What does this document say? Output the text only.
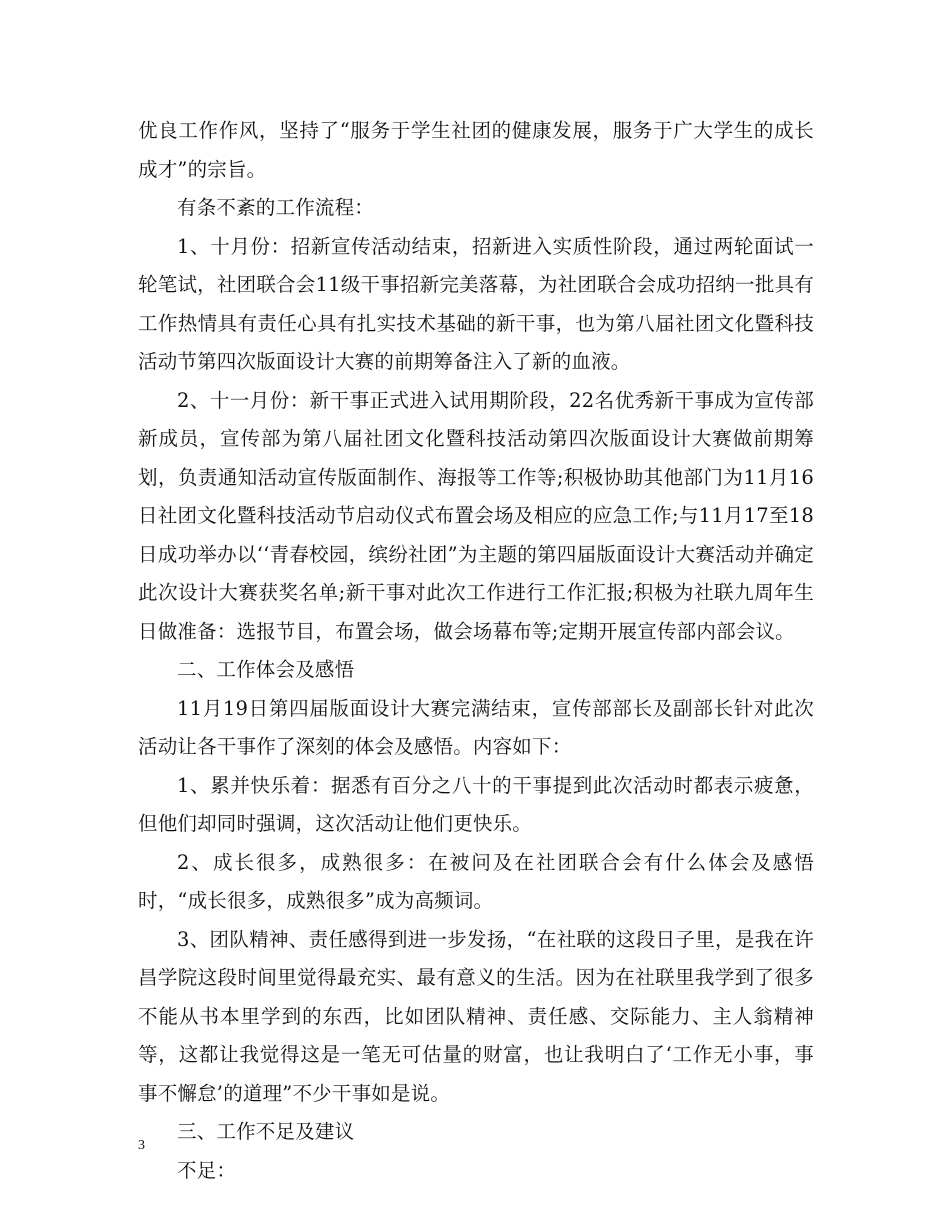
优良工作作风，坚持了“服务于学生社团的健康发展，服务于广大学生的成长成才”的宗旨。

有条不紊的工作流程：

1、十月份：招新宣传活动结束，招新进入实质性阶段，通过两轮面试一轮笔试，社团联合会11级干事招新完美落幕，为社团联合会成功招纳一批具有工作热情具有责任心具有扎实技术基础的新干事，也为第八届社团文化暨科技活动节第四次版面设计大赛的前期筹备注入了新的血液。

2、十一月份：新干事正式进入试用期阶段，22名优秀新干事成为宣传部新成员，宣传部为第八届社团文化暨科技活动第四次版面设计大赛做前期筹划，负责通知活动宣传版面制作、海报等工作等;积极协助其他部门为11月16日社团文化暨科技活动节启动仪式布置会场及相应的应急工作;与11月17至18日成功举办以‘‘青春校园，缤纷社团”为主题的第四届版面设计大赛活动并确定此次设计大赛获奖名单;新干事对此次工作进行工作汇报;积极为社联九周年生日做准备：选报节目，布置会场，做会场幕布等;定期开展宣传部内部会议。

二、工作体会及感悟

11月19日第四届版面设计大赛完满结束，宣传部部长及副部长针对此次活动让各干事作了深刻的体会及感悟。内容如下：

1、累并快乐着：据悉有百分之八十的干事提到此次活动时都表示疲惫，但他们却同时强调，这次活动让他们更快乐。

2、成长很多，成熟很多：在被问及在社团联合会有什么体会及感悟时，“成长很多，成熟很多”成为高频词。

3、团队精神、责任感得到进一步发扬，“在社联的这段日子里，是我在许昌学院这段时间里觉得最充实、最有意义的生活。因为在社联里我学到了很多不能从书本里学到的东西，比如团队精神、责任感、交际能力、主人翁精神等，这都让我觉得这是一笔无可估量的财富，也让我明白了‘工作无小事，事事不懈怠’的道理”不少干事如是说。

三、工作不足及建议

不足：

3
